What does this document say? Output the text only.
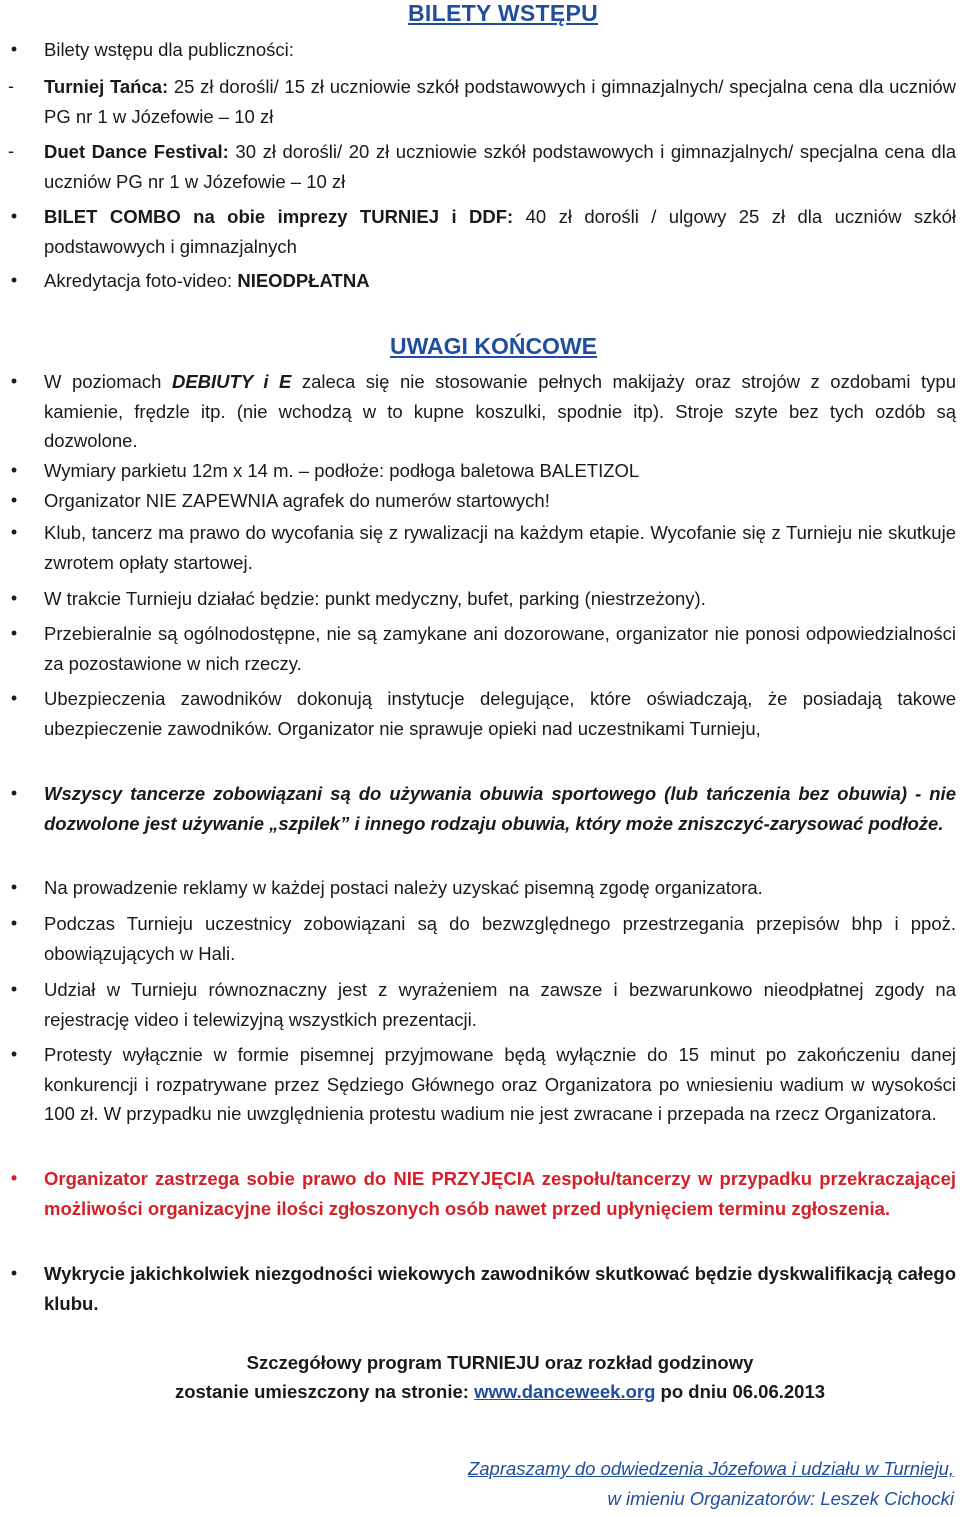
BILETY WSTĘPU
• Bilety wstępu dla publiczności:
- Turniej Tańca: 25 zł dorośli/ 15 zł uczniowie szkół podstawowych i gimnazjalnych/ specjalna cena dla uczniów PG nr 1 w Józefowie – 10 zł
- Duet Dance Festival: 30 zł dorośli/ 20 zł uczniowie szkół podstawowych i gimnazjalnych/ specjalna cena dla uczniów PG nr 1 w Józefowie – 10 zł
• BILET COMBO na obie imprezy TURNIEJ i DDF: 40 zł dorośli / ulgowy 25 zł dla uczniów szkół podstawowych i gimnazjalnych
• Akredytacja foto-video: NIEODPŁATNA
UWAGI KOŃCOWE
• W poziomach DEBIUTY i E zaleca się nie stosowanie pełnych makijaży oraz strojów z ozdobami typu kamienie, frędzle itp. (nie wchodzą w to kupne koszulki, spodnie itp). Stroje szyte bez tych ozdób są dozwolone.
• Wymiary parkietu 12m x 14 m. – podłoże: podłoga baletowa BALETIZOL
• Organizator NIE ZAPEWNIA agrafek do numerów startowych!
• Klub, tancerz ma prawo do wycofania się z rywalizacji na każdym etapie. Wycofanie się z Turnieju nie skutkuje zwrotem opłaty startowej.
• W trakcie Turnieju działać będzie: punkt medyczny, bufet, parking (niestrzeżony).
• Przebieralnie są ogólnodostępne, nie są zamykane ani dozorowane, organizator nie ponosi odpowiedzialności za pozostawione w nich rzeczy.
• Ubezpieczenia zawodników dokonują instytucje delegujące, które oświadczają, że posiadają takowe ubezpieczenie zawodników. Organizator nie sprawuje opieki nad uczestnikami Turnieju,
• Wszyscy tancerze zobowiązani są do używania obuwia sportowego (lub tańczenia bez obuwia) - nie dozwolone jest używanie „szpilek” i innego rodzaju obuwia, który może zniszczyć-zarysować podłoże.
• Na prowadzenie reklamy w każdej postaci należy uzyskać pisemną zgodę organizatora.
• Podczas Turnieju uczestnicy zobowiązani są do bezwzględnego przestrzegania przepisów bhp i ppoż. obowiązujących w Hali.
• Udział w Turnieju równoznaczny jest z wyrażeniem na zawsze i bezwarunkowo nieodpłatnej zgody na rejestrację video i telewizyjną wszystkich prezentacji.
• Protesty wyłącznie w formie pisemnej przyjmowane będą wyłącznie do 15 minut po zakończeniu danej konkurencji i rozpatrywane przez Sędziego Głównego oraz Organizatora po wniesieniu wadium w wysokości 100 zł. W przypadku nie uwzględnienia protestu wadium nie jest zwracane i przepada na rzecz Organizatora.
• Organizator zastrzega sobie prawo do NIE PRZYJĘCIA zespołu/tancerzy w przypadku przekraczającej możliwości organizacyjne ilości zgłoszonych osób nawet przed upłynięciem terminu zgłoszenia.
• Wykrycie jakichkolwiek niezgodności wiekowych zawodników skutkować będzie dyskwalifikacją całego klubu.
Szczegółowy program TURNIEJU oraz rozkład godzinowy
zostanie umieszczony na stronie: www.danceweek.org po dniu 06.06.2013
Zapraszamy do odwiedzenia Józefowa i udziału w Turnieju,
w imieniu Organizatorów: Leszek Cichocki
